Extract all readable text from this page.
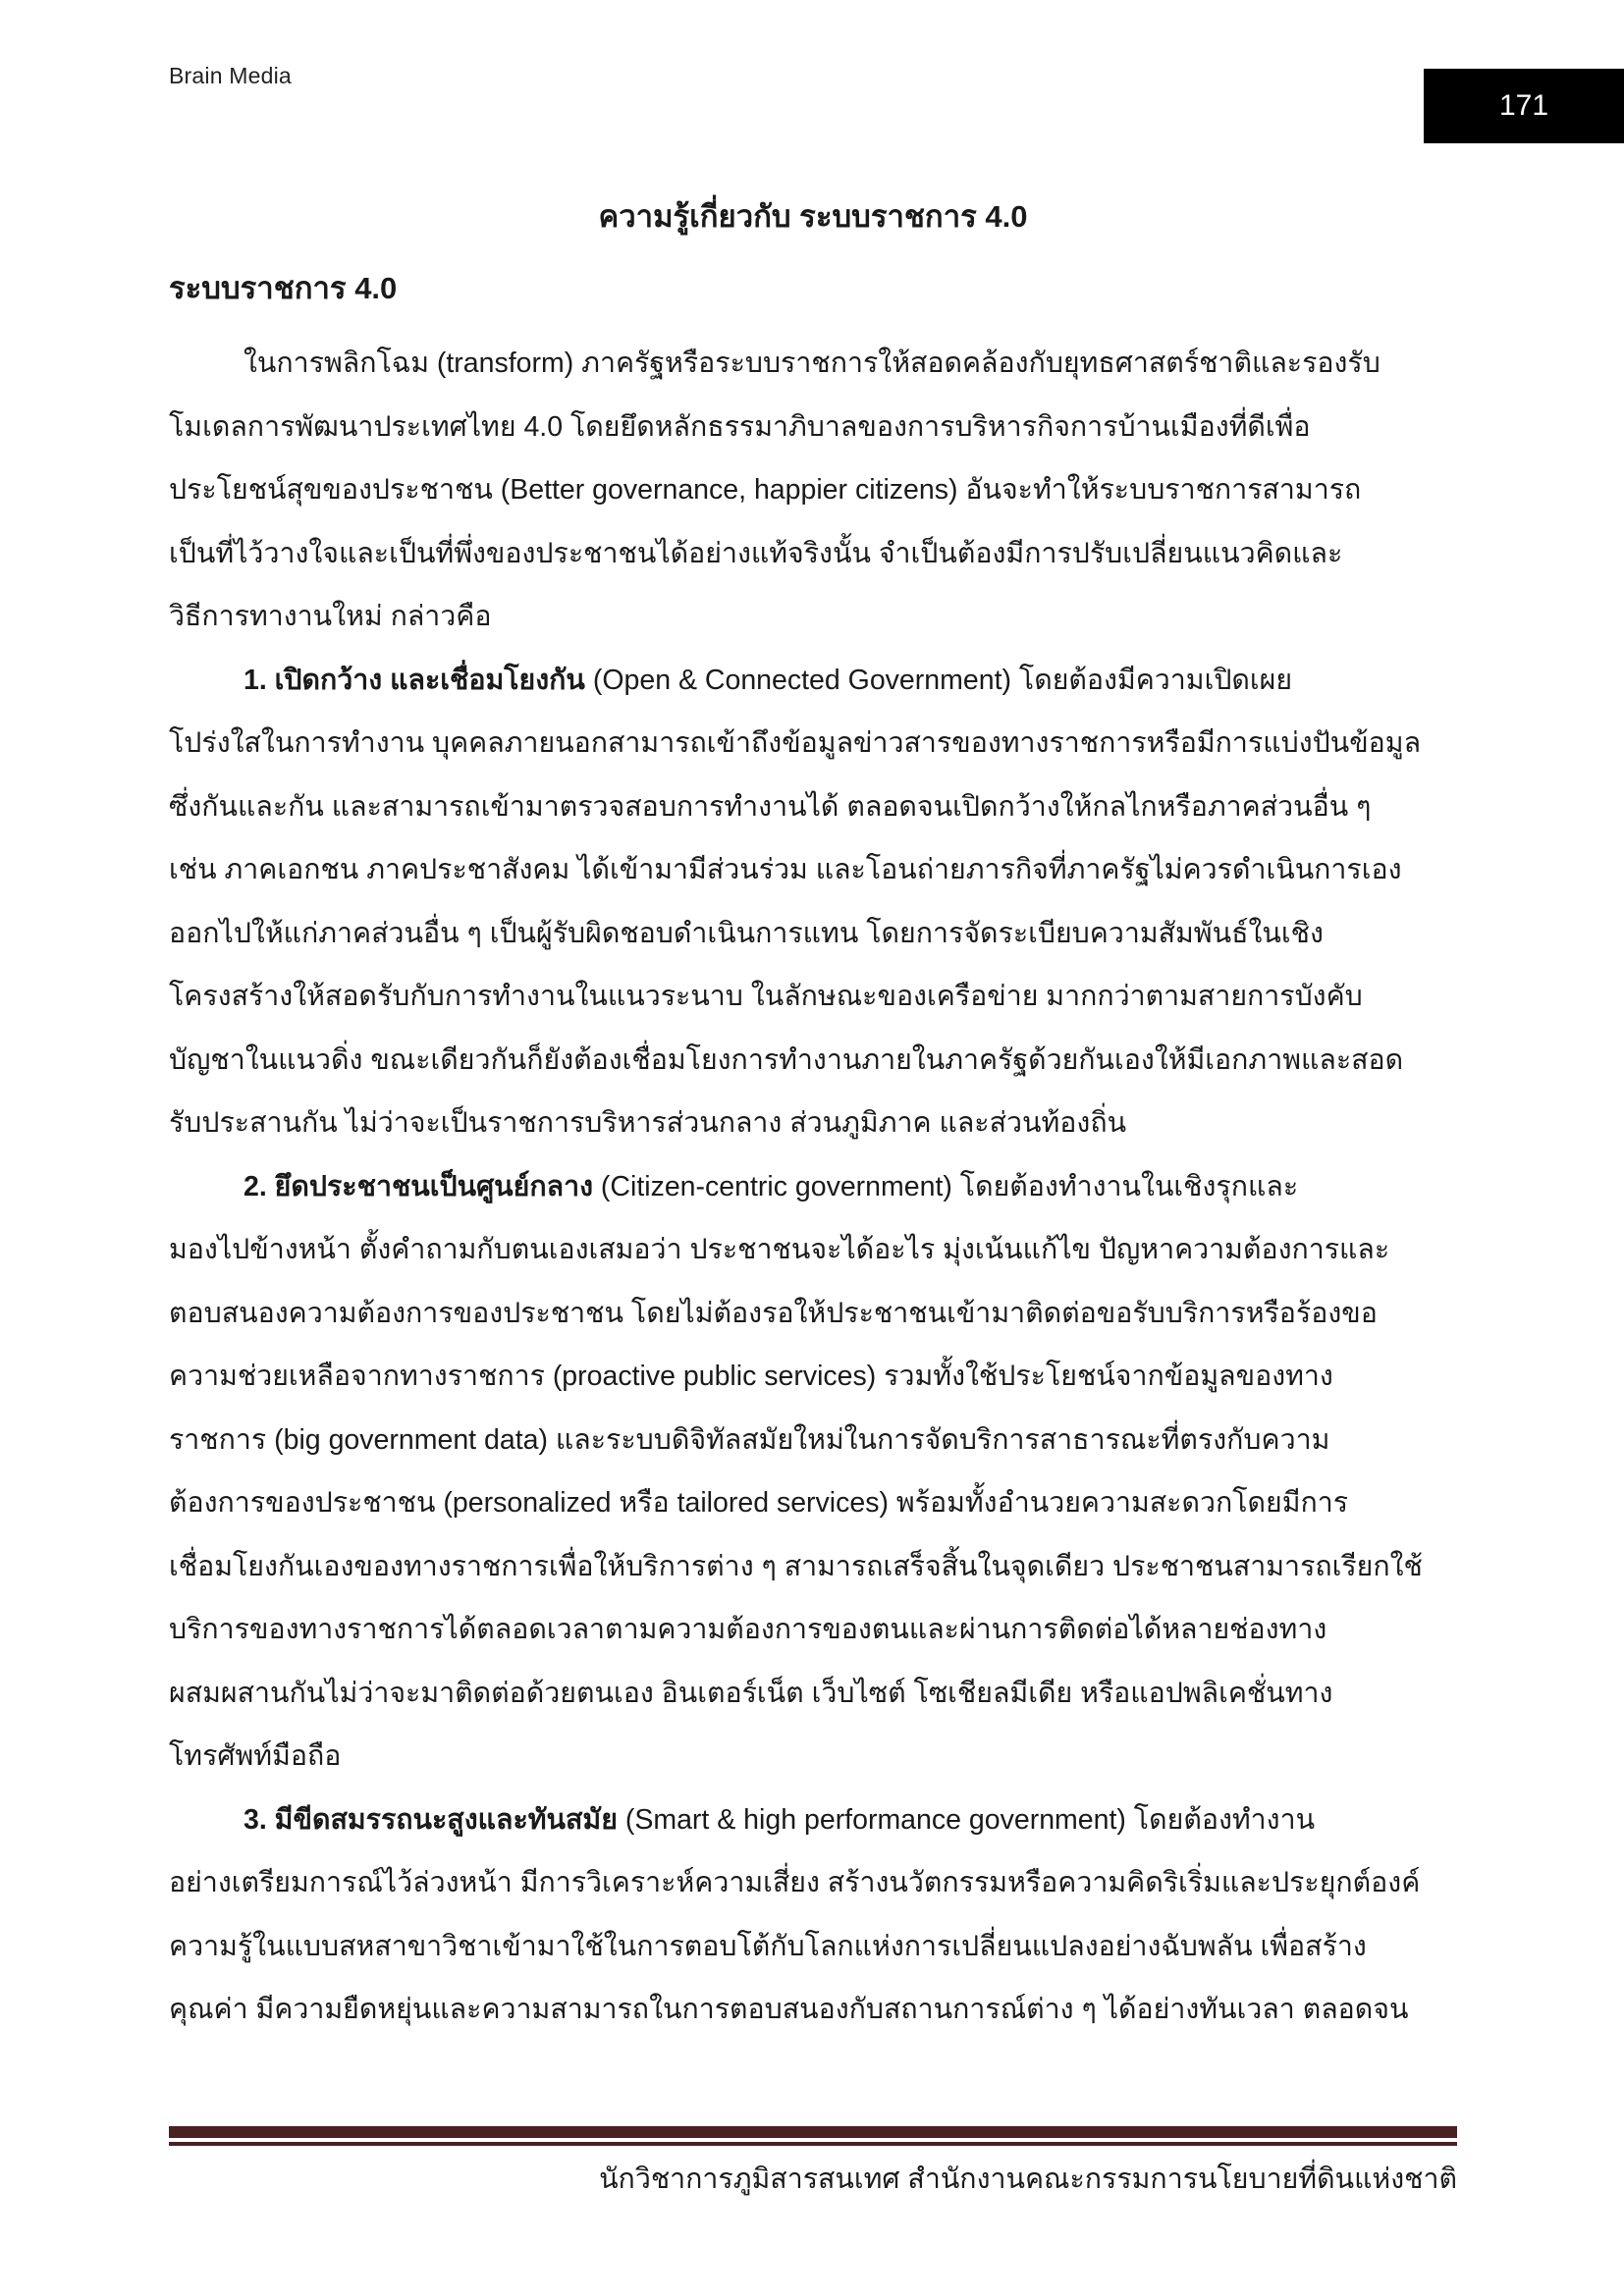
Brain Media
171
ความรู้เกี่ยวกับ ระบบราชการ 4.0
ระบบราชการ 4.0
ในการพลิกโฉม (transform) ภาครัฐหรือระบบราชการให้สอดคล้องกับยุทธศาสตร์ชาติและรองรับ
โมเดลการพัฒนาประเทศไทย 4.0 โดยยึดหลักธรรมาภิบาลของการบริหารกิจการบ้านเมืองที่ดีเพื่อ
ประโยชน์สุขของประชาชน (Better governance, happier citizens) อันจะทำให้ระบบราชการสามารถ
เป็นที่ไว้วางใจและเป็นที่พึ่งของประชาชนได้อย่างแท้จริงนั้น จำเป็นต้องมีการปรับเปลี่ยนแนวคิดและ
วิธีการทางานใหม่ กล่าวคือ
1. เปิดกว้าง และเชื่อมโยงกัน (Open & Connected Government) โดยต้องมีความเปิดเผย
โปร่งใสในการทำงาน บุคคลภายนอกสามารถเข้าถึงข้อมูลข่าวสารของทางราชการหรือมีการแบ่งปันข้อมูล
ซึ่งกันและกัน และสามารถเข้ามาตรวจสอบการทำงานได้ ตลอดจนเปิดกว้างให้กลไกหรือภาคส่วนอื่น ๆ
เช่น ภาคเอกชน ภาคประชาสังคม ได้เข้ามามีส่วนร่วม และโอนถ่ายภารกิจที่ภาครัฐไม่ควรดำเนินการเอง
ออกไปให้แก่ภาคส่วนอื่น ๆ เป็นผู้รับผิดชอบดำเนินการแทน โดยการจัดระเบียบความสัมพันธ์ในเชิง
โครงสร้างให้สอดรับกับการทำงานในแนวระนาบ ในลักษณะของเครือข่าย มากกว่าตามสายการบังคับ
บัญชาในแนวดิ่ง ขณะเดียวกันก็ยังต้องเชื่อมโยงการทำงานภายในภาครัฐด้วยกันเองให้มีเอกภาพและสอด
รับประสานกัน ไม่ว่าจะเป็นราชการบริหารส่วนกลาง ส่วนภูมิภาค และส่วนท้องถิ่น
2. ยึดประชาชนเป็นศูนย์กลาง (Citizen-centric government) โดยต้องทำงานในเชิงรุกและ
มองไปข้างหน้า ตั้งคำถามกับตนเองเสมอว่า ประชาชนจะได้อะไร มุ่งเน้นแก้ไข ปัญหาความต้องการและ
ตอบสนองความต้องการของประชาชน โดยไม่ต้องรอให้ประชาชนเข้ามาติดต่อขอรับบริการหรือร้องขอ
ความช่วยเหลือจากทางราชการ (proactive public services) รวมทั้งใช้ประโยชน์จากข้อมูลของทาง
ราชการ (big government data) และระบบดิจิทัลสมัยใหม่ในการจัดบริการสาธารณะที่ตรงกับความ
ต้องการของประชาชน (personalized หรือ tailored services) พร้อมทั้งอำนวยความสะดวกโดยมีการ
เชื่อมโยงกันเองของทางราชการเพื่อให้บริการต่าง ๆ สามารถเสร็จสิ้นในจุดเดียว ประชาชนสามารถเรียกใช้
บริการของทางราชการได้ตลอดเวลาตามความต้องการของตนและผ่านการติดต่อได้หลายช่องทาง
ผสมผสานกันไม่ว่าจะมาติดต่อด้วยตนเอง อินเตอร์เน็ต เว็บไซต์ โซเชียลมีเดีย หรือแอปพลิเคชั่นทาง
โทรศัพท์มือถือ
3. มีขีดสมรรถนะสูงและทันสมัย (Smart & high performance government) โดยต้องทำงาน
อย่างเตรียมการณ์ไว้ล่วงหน้า มีการวิเคราะห์ความเสี่ยง สร้างนวัตกรรมหรือความคิดริเริ่มและประยุกต์องค์
ความรู้ในแบบสหสาขาวิชาเข้ามาใช้ในการตอบโต้กับโลกแห่งการเปลี่ยนแปลงอย่างฉับพลัน เพื่อสร้าง
คุณค่า มีความยืดหยุ่นและความสามารถในการตอบสนองกับสถานการณ์ต่าง ๆ ได้อย่างทันเวลา ตลอดจน
นักวิชาการภูมิสารสนเทศ สำนักงานคณะกรรมการนโยบายที่ดินแห่งชาติ
